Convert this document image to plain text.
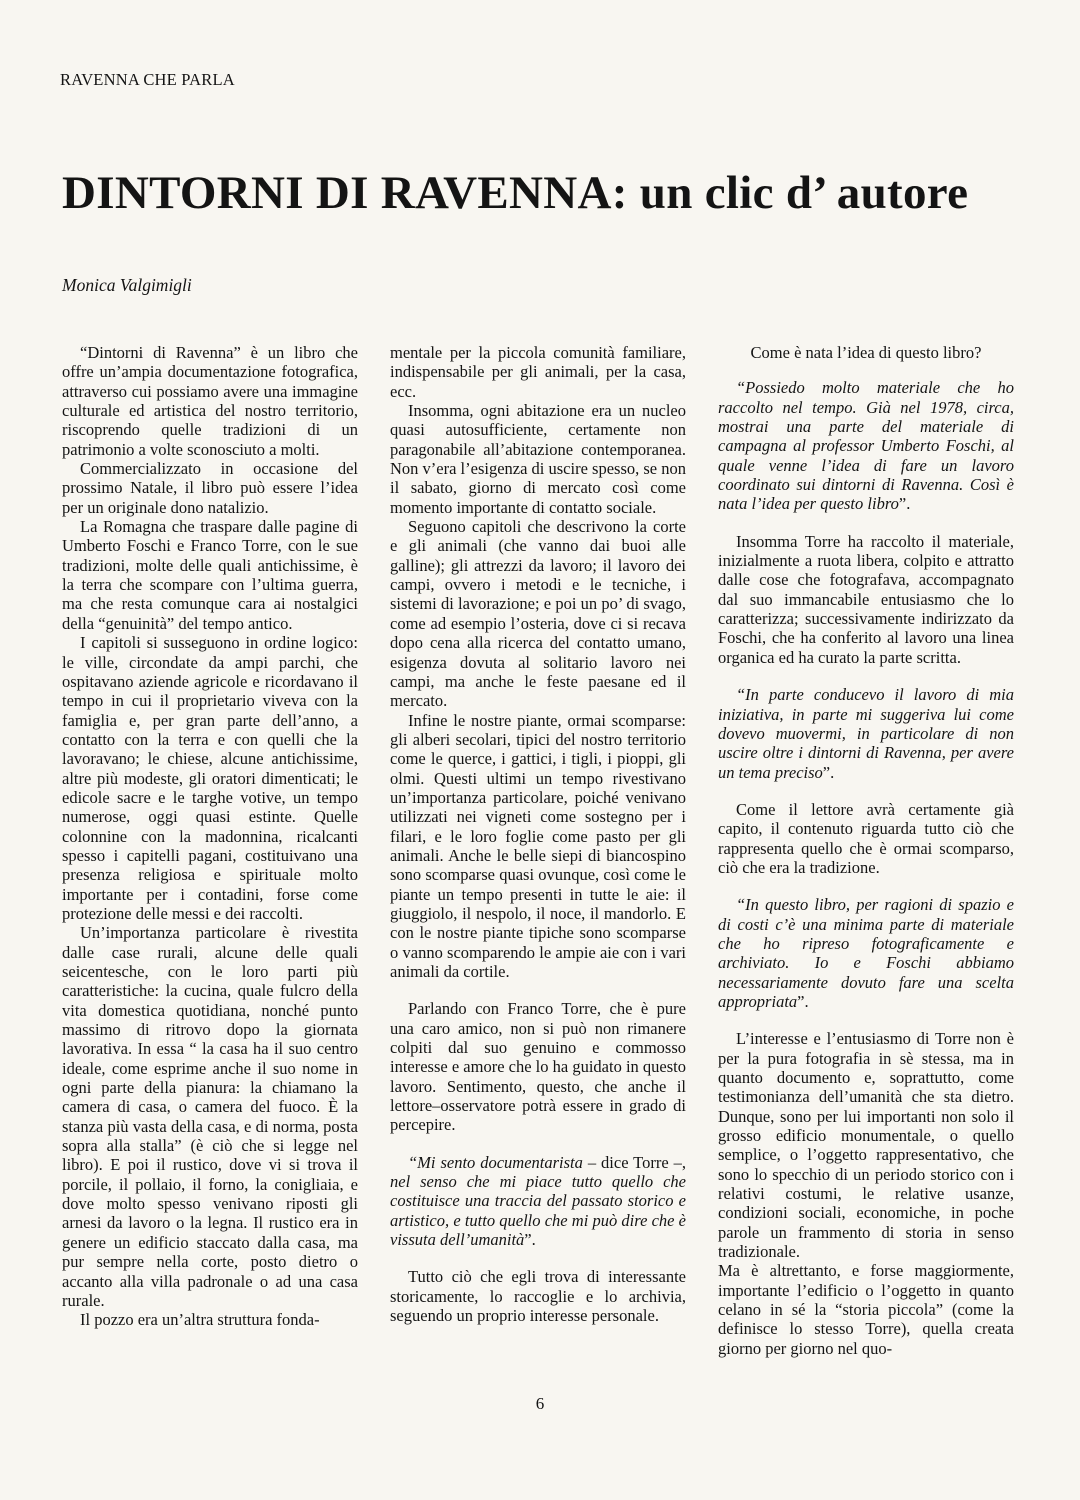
RAVENNA CHE PARLA
DINTORNI DI RAVENNA: un clic d’ autore
Monica Valgimigli

“Dintorni di Ravenna” è un libro che offre un’ampia documentazione fotografica, attraverso cui possiamo avere una immagine culturale ed artistica del nostro territorio, riscoprendo quelle tradizioni di un patrimonio a volte sconosciuto a molti.

Commercializzato in occasione del prossimo Natale, il libro può essere l’idea per un originale dono natalizio.

La Romagna che traspare dalle pagine di Umberto Foschi e Franco Torre, con le sue tradizioni, molte delle quali antichissime, è la terra che scompare con l’ultima guerra, ma che resta comunque cara ai nostalgici della “genuinità” del tempo antico.

I capitoli si susseguono in ordine logico: le ville, circondate da ampi parchi, che ospitavano aziende agricole e ricordavano il tempo in cui il proprietario viveva con la famiglia e, per gran parte dell’anno, a contatto con la terra e con quelli che la lavoravano; le chiese, alcune antichissime, altre più modeste, gli oratori dimenticati; le edicole sacre e le targhe votive, un tempo numerose, oggi quasi estinte. Quelle colonnine con la madonnina, ricalcanti spesso i capitelli pagani, costituivano una presenza religiosa e spirituale molto importante per i contadini, forse come protezione delle messi e dei raccolti.

Un’importanza particolare è rivestita dalle case rurali, alcune delle quali seicentesche, con le loro parti più caratteristiche: la cucina, quale fulcro della vita domestica quotidiana, nonché punto massimo di ritrovo dopo la giornata lavorativa. In essa “ la casa ha il suo centro ideale, come esprime anche il suo nome in ogni parte della pianura: la chiamano la camera di casa, o camera del fuoco. È la stanza più vasta della casa, e di norma, posta sopra alla stalla” (è ciò che si legge nel libro). E poi il rustico, dove vi si trova il porcile, il pollaio, il forno, la conigliaia, e dove molto spesso venivano riposti gli arnesi da lavoro o la legna. Il rustico era in genere un edificio staccato dalla casa, ma pur sempre nella corte, posto dietro o accanto alla villa padronale o ad una casa rurale.

Il pozzo era un’altra struttura fonda-

mentale per la piccola comunità familiare, indispensabile per gli animali, per la casa, ecc.

Insomma, ogni abitazione era un nucleo quasi autosufficiente, certamente non paragonabile all’abitazione contemporanea. Non v’era l’esigenza di uscire spesso, se non il sabato, giorno di mercato così come momento importante di contatto sociale.

Seguono capitoli che descrivono la corte e gli animali (che vanno dai buoi alle galline); gli attrezzi da lavoro; il lavoro dei campi, ovvero i metodi e le tecniche, i sistemi di lavorazione; e poi un po’ di svago, come ad esempio l’osteria, dove ci si recava dopo cena alla ricerca del contatto umano, esigenza dovuta al solitario lavoro nei campi, ma anche le feste paesane ed il mercato.

Infine le nostre piante, ormai scomparse: gli alberi secolari, tipici del nostro territorio come le querce, i gattici, i tigli, i pioppi, gli olmi. Questi ultimi un tempo rivestivano un’importanza particolare, poiché venivano utilizzati nei vigneti come sostegno per i filari, e le loro foglie come pasto per gli animali. Anche le belle siepi di biancospino sono scomparse quasi ovunque, così come le piante un tempo presenti in tutte le aie: il giuggiolo, il nespolo, il noce, il mandorlo. E con le nostre piante tipiche sono scomparse o vanno scomparendo le ampie aie con i vari animali da cortile.

Parlando con Franco Torre, che è pure una caro amico, non si può non rimanere colpiti dal suo genuino e commosso interesse e amore che lo ha guidato in questo lavoro. Sentimento, questo, che anche il lettore–osservatore potrà essere in grado di percepire.

“Mi sento documentarista – dice Torre –, nel senso che mi piace tutto quello che costituisce una traccia del passato storico e artistico, e tutto quello che mi può dire che è vissuta dell’umanità”.

Tutto ciò che egli trova di interessante storicamente, lo raccoglie e lo archivia, seguendo un proprio interesse personale.

Come è nata l’idea di questo libro?

“Possiedo molto materiale che ho raccolto nel tempo. Già nel 1978, circa, mostrai una parte del materiale di campagna al professor Umberto Foschi, al quale venne l’idea di fare un lavoro coordinato sui dintorni di Ravenna. Così è nata l’idea per questo libro”.

Insomma Torre ha raccolto il materiale, inizialmente a ruota libera, colpito e attratto dalle cose che fotografava, accompagnato dal suo immancabile entusiasmo che lo caratterizza; successivamente indirizzato da Foschi, che ha conferito al lavoro una linea organica ed ha curato la parte scritta.

“In parte conducevo il lavoro di mia iniziativa, in parte mi suggeriva lui come dovevo muovermi, in particolare di non uscire oltre i dintorni di Ravenna, per avere un tema preciso”.

Come il lettore avrà certamente già capito, il contenuto riguarda tutto ciò che rappresenta quello che è ormai scomparso, ciò che era la tradizione.

“In questo libro, per ragioni di spazio e di costi c’è una minima parte di materiale che ho ripreso fotograficamente e archiviato. Io e Foschi abbiamo necessariamente dovuto fare una scelta appropriata”.

L’interesse e l’entusiasmo di Torre non è per la pura fotografia in sè stessa, ma in quanto documento e, soprattutto, come testimonianza dell’umanità che sta dietro. Dunque, sono per lui importanti non solo il grosso edificio monumentale, o quello semplice, o l’oggetto rappresentativo, che sono lo specchio di un periodo storico con i relativi costumi, le relative usanze, condizioni sociali, economiche, in poche parole un frammento di storia in senso tradizionale.

Ma è altrettanto, e forse maggiormente, importante l’edificio o l’oggetto in quanto celano in sé la “storia piccola” (come la definisce lo stesso Torre), quella creata giorno per giorno nel quo-

6
